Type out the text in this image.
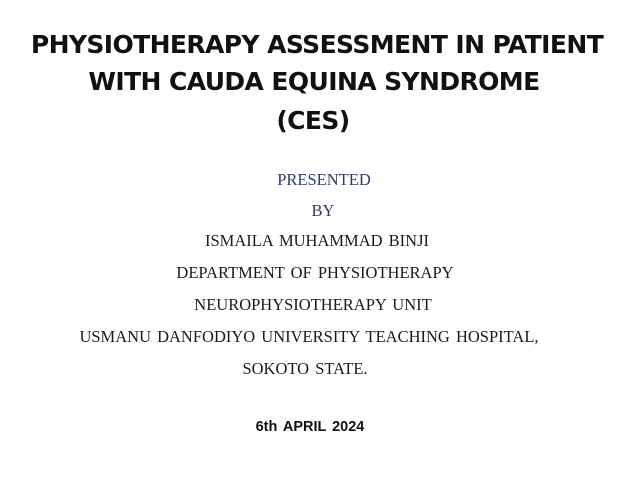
PHYSIOTHERAPY ASSESSMENT IN PATIENT
WITH CAUDA EQUINA SYNDROME
(CES)
PRESENTED
BY
ISMAILA MUHAMMAD BINJI
DEPARTMENT OF PHYSIOTHERAPY
NEUROPHYSIOTHERAPY UNIT
USMANU DANFODIYO UNIVERSITY TEACHING HOSPITAL,
SOKOTO STATE.
6th APRIL 2024
